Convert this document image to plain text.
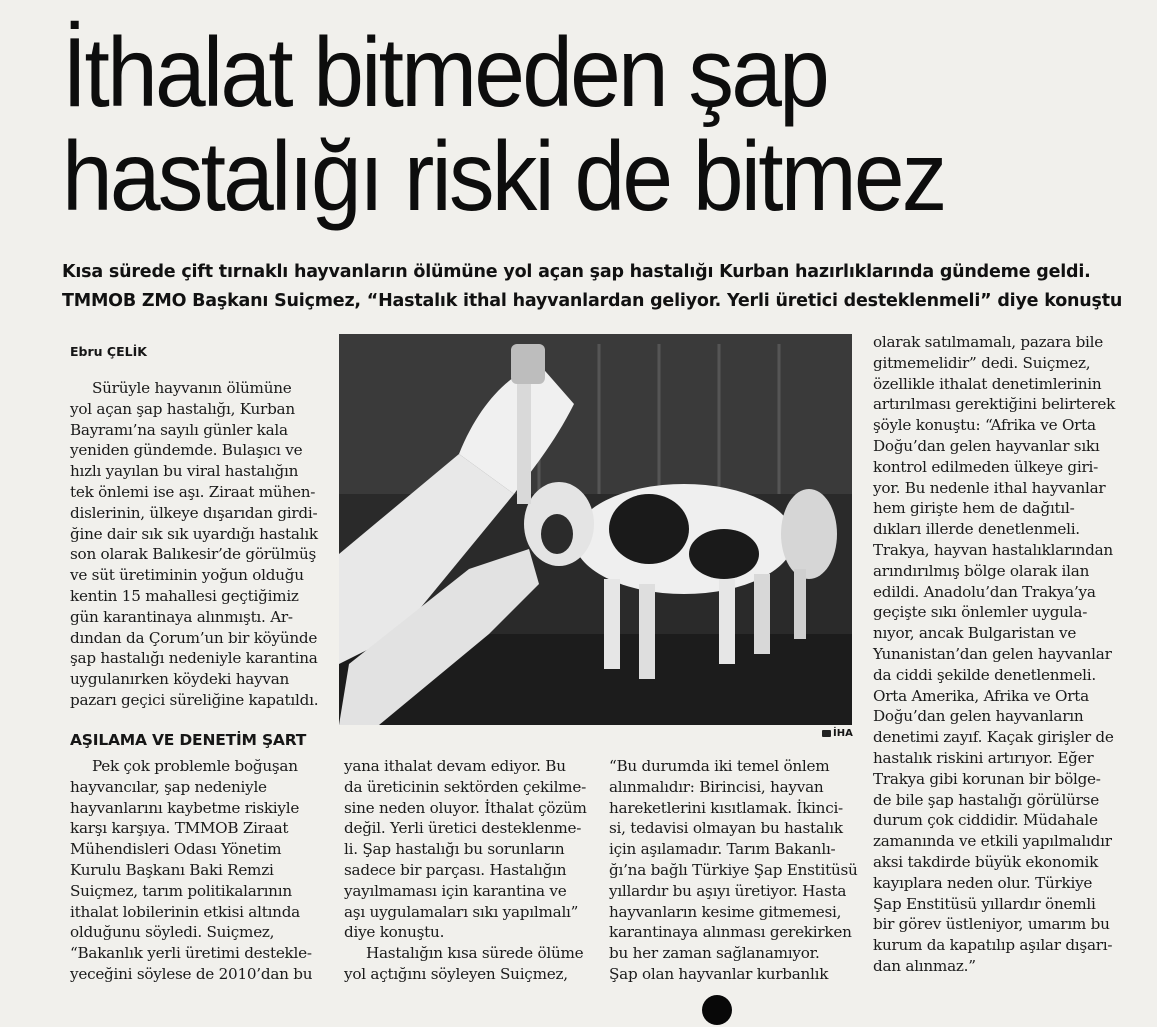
İthalat bitmeden şap
hastalığı riski de bitmez
Kısa sürede çift tırnaklı hayvanların ölümüne yol açan şap hastalığı Kurban hazırlıklarında gündeme geldi.
TMMOB ZMO Başkanı Suiçmez, “Hastalık ithal hayvanlardan geliyor. Yerli üretici desteklenmeli” diye konuştu
Ebru ÇELİK
Sürüyle hayvanın ölümüne
yol açan şap hastalığı, Kurban
Bayramı’na sayılı günler kala
yeniden gündemde. Bulaşıcı ve
hızlı yayılan bu viral hastalığın
tek önlemi ise aşı. Ziraat mühen-
dislerinin, ülkeye dışarıdan girdi-
ğine dair sık sık uyardığı hastalık
son olarak Balıkesir’de görülmüş
ve süt üretiminin yoğun olduğu
kentin 15 mahallesi geçtiğimiz
gün karantinaya alınmıştı. Ar-
dından da Çorum’un bir köyünde
şap hastalığı nedeniyle karantina
uygulanırken köydeki hayvan
pazarı geçici süreliğine kapatıldı.
AŞILAMA VE DENETİM ŞART
Pek çok problemle boğuşan
hayvancılar, şap nedeniyle
hayvanlarını kaybetme riskiyle
karşı karşıya. TMMOB Ziraat
Mühendisleri Odası Yönetim
Kurulu Başkanı Baki Remzi
Suiçmez, tarım politikalarının
ithalat lobilerinin etkisi altında
olduğunu söyledi. Suiçmez,
“Bakanlık yerli üretimi destekle-
yeceğini söylese de 2010’dan bu
İHA
yana ithalat devam ediyor. Bu
da üreticinin sektörden çekilme-
sine neden oluyor. İthalat çözüm
değil. Yerli üretici desteklenme-
li. Şap hastalığı bu sorunların
sadece bir parçası. Hastalığın
yayılmaması için karantina ve
aşı uygulamaları sıkı yapılmalı”
diye konuştu.
Hastalığın kısa sürede ölüme
yol açtığını söyleyen Suiçmez,
“Bu durumda iki temel önlem
alınmalıdır: Birincisi, hayvan
hareketlerini kısıtlamak. İkinci-
si, tedavisi olmayan bu hastalık
için aşılamadır. Tarım Bakanlı-
ğı’na bağlı Türkiye Şap Enstitüsü
yıllardır bu aşıyı üretiyor. Hasta
hayvanların kesime gitmemesi,
karantinaya alınması gerekirken
bu her zaman sağlanamıyor.
Şap olan hayvanlar kurbanlık
olarak satılmamalı, pazara bile
gitmemelidir” dedi. Suiçmez,
özellikle ithalat denetimlerinin
artırılması gerektiğini belirterek
şöyle konuştu: “Afrika ve Orta
Doğu’dan gelen hayvanlar sıkı
kontrol edilmeden ülkeye giri-
yor. Bu nedenle ithal hayvanlar
hem girişte hem de dağıtıl-
dıkları illerde denetlenmeli.
Trakya, hayvan hastalıklarından
arındırılmış bölge olarak ilan
edildi. Anadolu’dan Trakya’ya
geçişte sıkı önlemler uygula-
nıyor, ancak Bulgaristan ve
Yunanistan’dan gelen hayvanlar
da ciddi şekilde denetlenmeli.
Orta Amerika, Afrika ve Orta
Doğu’dan gelen hayvanların
denetimi zayıf. Kaçak girişler de
hastalık riskini artırıyor. Eğer
Trakya gibi korunan bir bölge-
de bile şap hastalığı görülürse
durum çok ciddidir. Müdahale
zamanında ve etkili yapılmalıdır
aksi takdirde büyük ekonomik
kayıplara neden olur. Türkiye
Şap Enstitüsü yıllardır önemli
bir görev üstleniyor, umarım bu
kurum da kapatılıp aşılar dışarı-
dan alınmaz.”
